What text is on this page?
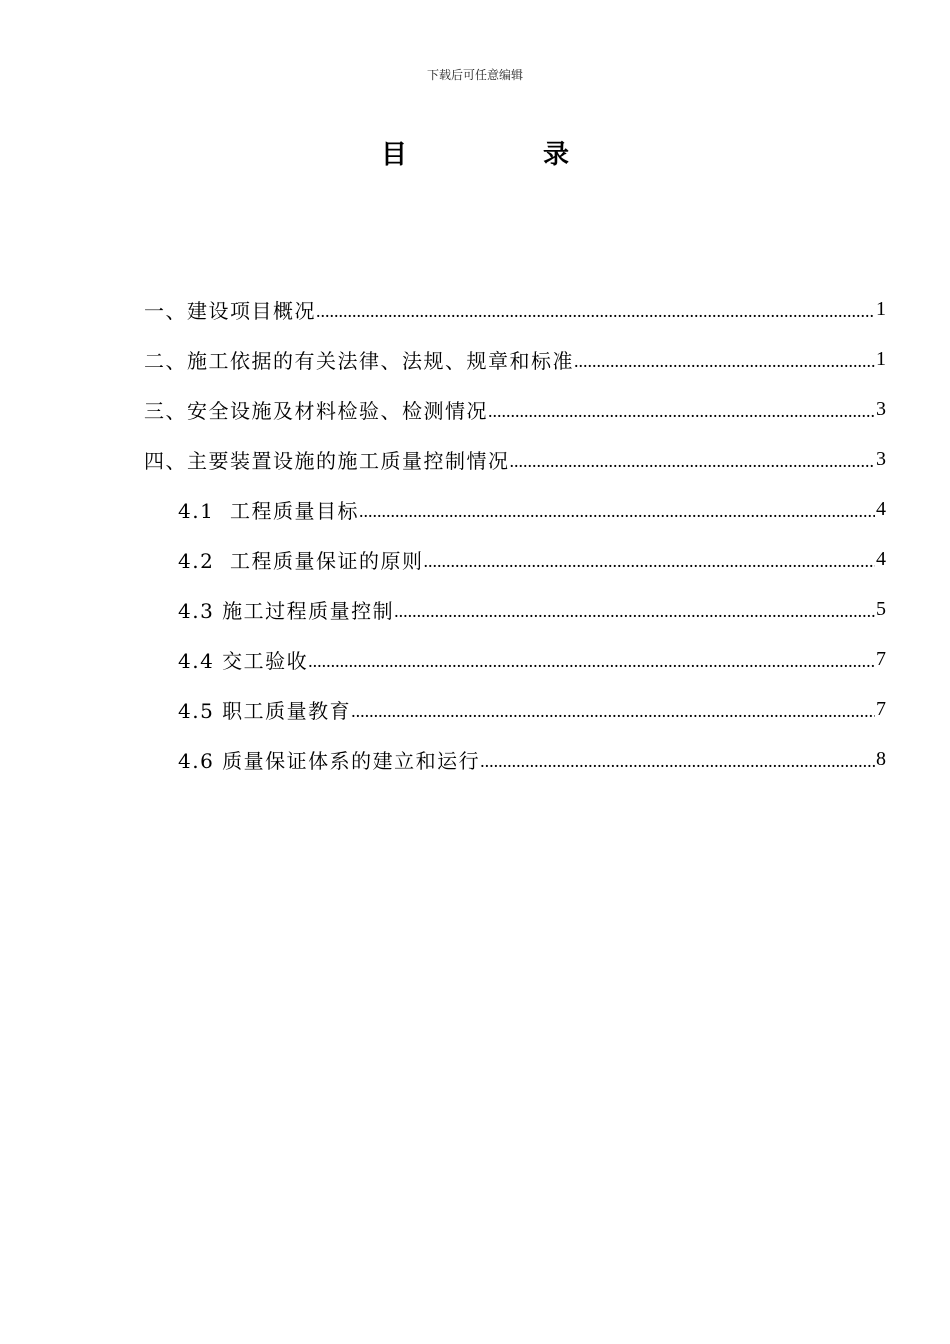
下载后可任意编辑
目	录
一、建设项目概况 .....	1
二、施工依据的有关法律、法规、规章和标准 .....	1
三、安全设施及材料检验、检测情况 .....	3
四、主要装置设施的施工质量控制情况 .....	3
4.1  工程质量目标 .....	4
4.2  工程质量保证的原则 .....	4
4.3 施工过程质量控制 .....	5
4.4 交工验收 .....	7
4.5 职工质量教育 .....	7
4.6 质量保证体系的建立和运行 .....	8
